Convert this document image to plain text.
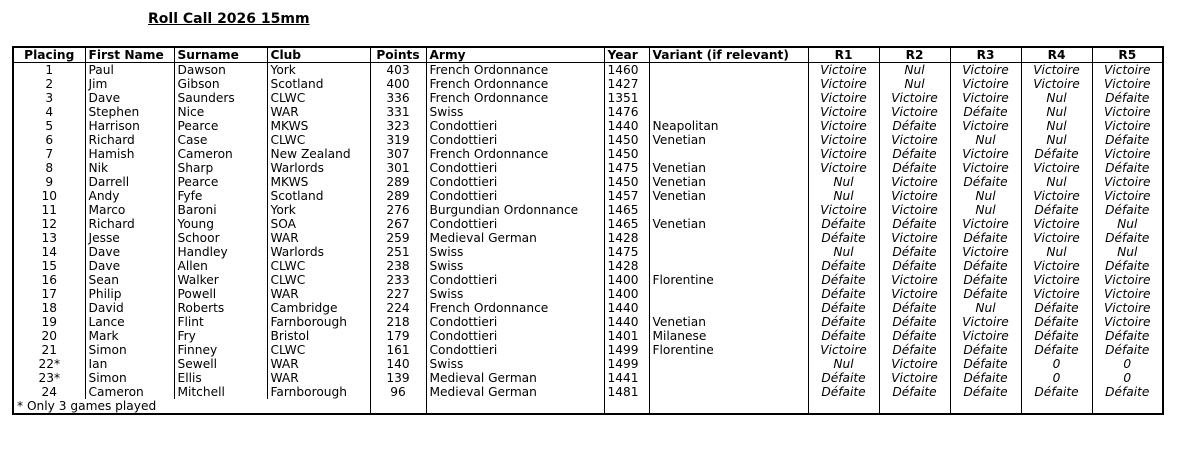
Roll Call 2026 15mm
Placing	First Name	Surname	Club	Points	Army	Year	Variant (if relevant)	R1	R2	R3	R4	R5
1	Paul	Dawson	York	403	French Ordonnance	1460		Victoire	Nul	Victoire	Victoire	Victoire
2	Jim	Gibson	Scotland	400	French Ordonnance	1427		Victoire	Nul	Victoire	Victoire	Victoire
3	Dave	Saunders	CLWC	336	French Ordonnance	1351		Victoire	Victoire	Victoire	Nul	Défaite
4	Stephen	Nice	WAR	331	Swiss	1476		Victoire	Victoire	Défaite	Nul	Victoire
5	Harrison	Pearce	MKWS	323	Condottieri	1440	Neapolitan	Victoire	Défaite	Victoire	Nul	Victoire
6	Richard	Case	CLWC	319	Condottieri	1450	Venetian	Victoire	Victoire	Nul	Nul	Défaite
7	Hamish	Cameron	New Zealand	307	French Ordonnance	1450		Victoire	Défaite	Victoire	Défaite	Victoire
8	Nik	Sharp	Warlords	301	Condottieri	1475	Venetian	Victoire	Défaite	Victoire	Victoire	Défaite
9	Darrell	Pearce	MKWS	289	Condottieri	1450	Venetian	Nul	Victoire	Défaite	Nul	Victoire
10	Andy	Fyfe	Scotland	289	Condottieri	1457	Venetian	Nul	Victoire	Nul	Victoire	Victoire
11	Marco	Baroni	York	276	Burgundian Ordonnance	1465		Victoire	Victoire	Nul	Défaite	Défaite
12	Richard	Young	SOA	267	Condottieri	1465	Venetian	Défaite	Défaite	Victoire	Victoire	Nul
13	Jesse	Schoor	WAR	259	Medieval German	1428		Défaite	Victoire	Défaite	Victoire	Défaite
14	Dave	Handley	Warlords	251	Swiss	1475		Nul	Défaite	Victoire	Nul	Nul
15	Dave	Allen	CLWC	238	Swiss	1428		Défaite	Défaite	Défaite	Victoire	Défaite
16	Sean	Walker	CLWC	233	Condottieri	1400	Florentine	Défaite	Victoire	Défaite	Victoire	Victoire
17	Philip	Powell	WAR	227	Swiss	1400		Défaite	Victoire	Défaite	Victoire	Victoire
18	David	Roberts	Cambridge	224	French Ordonnance	1440		Défaite	Défaite	Nul	Défaite	Victoire
19	Lance	Flint	Farnborough	218	Condottieri	1440	Venetian	Défaite	Défaite	Victoire	Défaite	Victoire
20	Mark	Fry	Bristol	179	Condottieri	1401	Milanese	Défaite	Défaite	Victoire	Défaite	Défaite
21	Simon	Finney	CLWC	161	Condottieri	1499	Florentine	Victoire	Défaite	Défaite	Défaite	Défaite
22*	Ian	Sewell	WAR	140	Swiss	1499		Nul	Victoire	Défaite	0	0
23*	Simon	Ellis	WAR	139	Medieval German	1441		Défaite	Victoire	Défaite	0	0
24	Cameron	Mitchell	Farnborough	96	Medieval German	1481		Défaite	Défaite	Défaite	Défaite	Défaite
* Only 3 games played												
